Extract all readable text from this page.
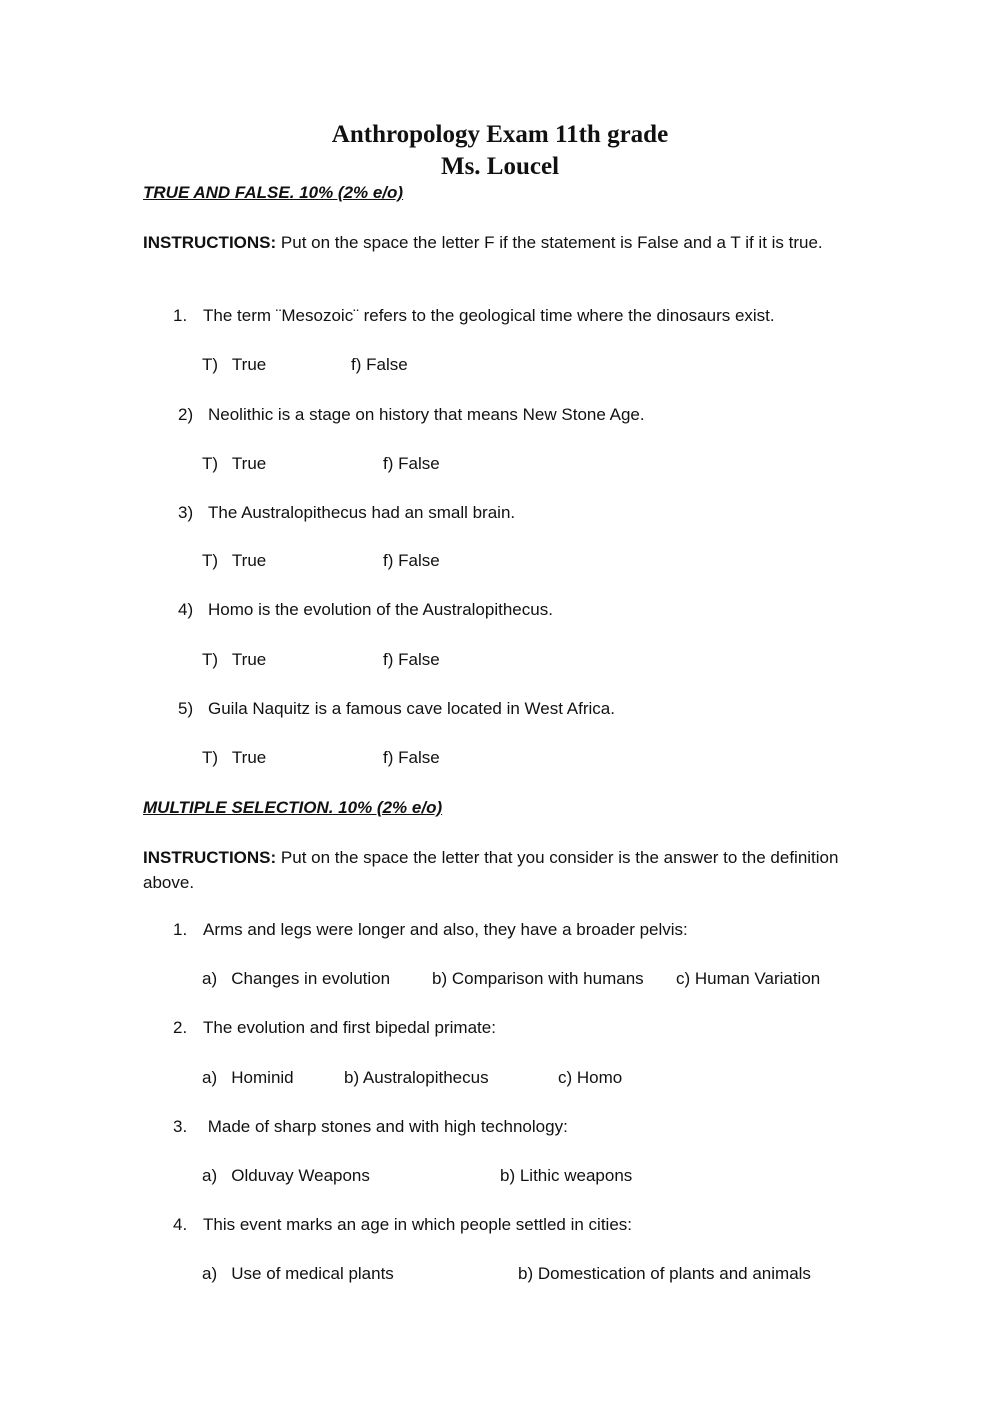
Anthropology Exam 11th grade
Ms. Loucel
TRUE AND FALSE. 10% (2% e/o)
INSTRUCTIONS: Put on the space the letter F if the statement is False and a T if it is true.
1. The term ¨Mesozoic¨ refers to the geological time where the dinosaurs exist.
T)   True	f) False
2) Neolithic is a stage on history that means New Stone Age.
T)   True	f) False
3) The Australopithecus had an small brain.
T)   True	f) False
4) Homo is the evolution of the Australopithecus.
T)   True	f) False
5) Guila Naquitz is a famous cave located in West Africa.
T)   True	f) False
MULTIPLE SELECTION. 10% (2% e/o)
INSTRUCTIONS: Put on the space the letter that you consider is the answer to the definition above.
1. Arms and legs were longer and also, they have a broader pelvis:
a)   Changes in evolution b) Comparison with humans c) Human Variation
2. The evolution and first bipedal primate:
a)   Hominid	b) Australopithecus	c) Homo
3. Made of sharp stones and with high technology:
a)   Olduvay Weapons	b) Lithic weapons
4. This event marks an age in which people settled in cities:
a)   Use of medical plants	b) Domestication of plants and animals
